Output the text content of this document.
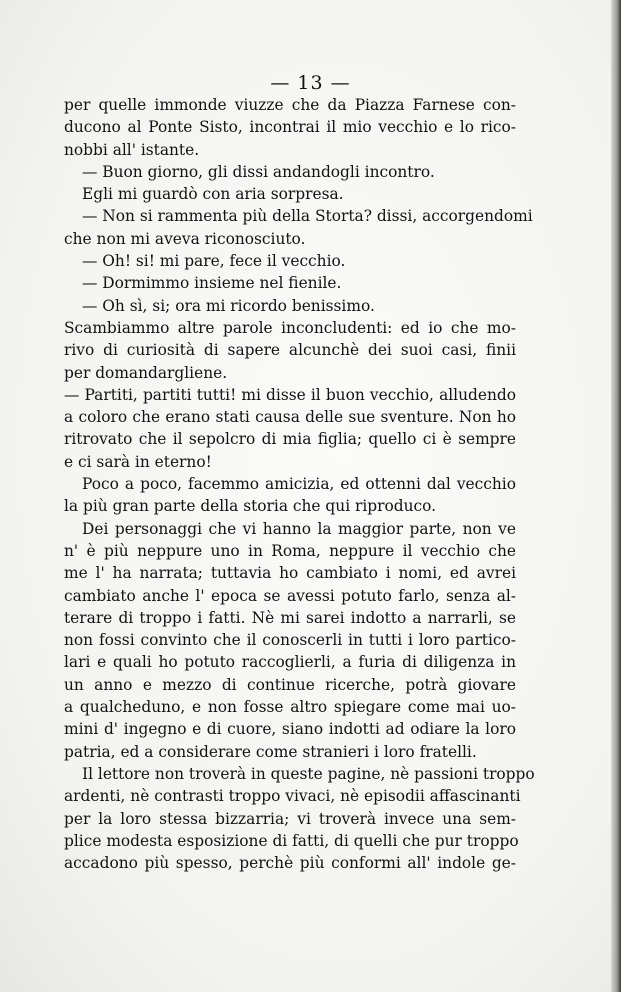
— 13 —
per quelle immonde viuzze che da Piazza Farnese con-
ducono al Ponte Sisto, incontrai il mio vecchio e lo rico-
nobbi all' istante.
— Buon giorno, gli dissi andandogli incontro.
Egli mi guardò con aria sorpresa.
— Non si rammenta più della Storta? dissi, accorgendomi
che non mi aveva riconosciuto.
— Oh! si! mi pare, fece il vecchio.
— Dormimmo insieme nel fienile.
— Oh sì, si; ora mi ricordo benissimo.
Scambiammo altre parole inconcludenti: ed io che mo-
rivo di curiosità di sapere alcunchè dei suoi casi, finii
per domandargliene.
— Partiti, partiti tutti! mi disse il buon vecchio, alludendo
a coloro che erano stati causa delle sue sventure. Non ho
ritrovato che il sepolcro di mia figlia; quello ci è sempre
e ci sarà in eterno!
Poco a poco, facemmo amicizia, ed ottenni dal vecchio
la più gran parte della storia che qui riproduco.
Dei personaggi che vi hanno la maggior parte, non ve
n' è più neppure uno in Roma, neppure il vecchio che
me l' ha narrata; tuttavia ho cambiato i nomi, ed avrei
cambiato anche l' epoca se avessi potuto farlo, senza al-
terare di troppo i fatti. Nè mi sarei indotto a narrarli, se
non fossi convinto che il conoscerli in tutti i loro partico-
lari e quali ho potuto raccoglierli, a furia di diligenza in
un anno e mezzo di continue ricerche, potrà giovare
a qualcheduno, e non fosse altro spiegare come mai uo-
mini d' ingegno e di cuore, siano indotti ad odiare la loro
patria, ed a considerare come stranieri i loro fratelli.
Il lettore non troverà in queste pagine, nè passioni troppo
ardenti, nè contrasti troppo vivaci, nè episodii affascinanti
per la loro stessa bizzarria; vi troverà invece una sem-
plice modesta esposizione di fatti, di quelli che pur troppo
accadono più spesso, perchè più conformi all' indole ge-
